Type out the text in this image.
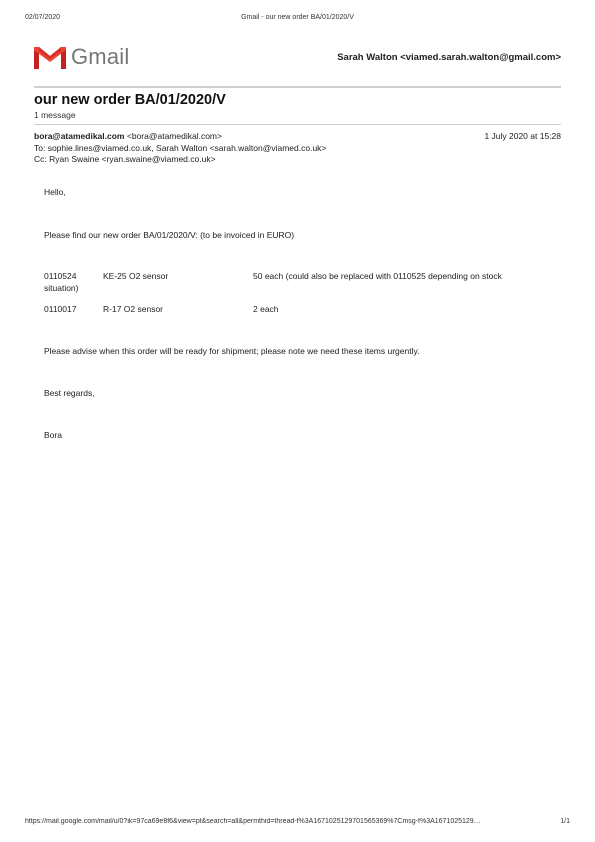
02/07/2020	Gmail - our new order BA/01/2020/V
Gmail	Sarah Walton <viamed.sarah.walton@gmail.com>
our new order BA/01/2020/V
1 message
bora@atamedikal.com <bora@atamedikal.com>	1 July 2020 at 15:28
To: sophie.lines@viamed.co.uk, Sarah Walton <sarah.walton@viamed.co.uk>
Cc: Ryan Swaine <ryan.swaine@viamed.co.uk>
Hello,
Please find our new order BA/01/2020/V: (to be invoiced in EURO)
0110524	KE-25 O2 sensor	50 each (could also be replaced with 0110525 depending on stock
situation)
0110017	R-17 O2 sensor	2 each
Please advise when this order will be ready for shipment; please note we need these items urgently.
Best regards,
Bora
https://mail.google.com/mail/u/0?ik=97ca69e8f6&view=pt&search=all&permthid=thread-f%3A1671025129701565369%7Cmsg-f%3A1671025129…	1/1
